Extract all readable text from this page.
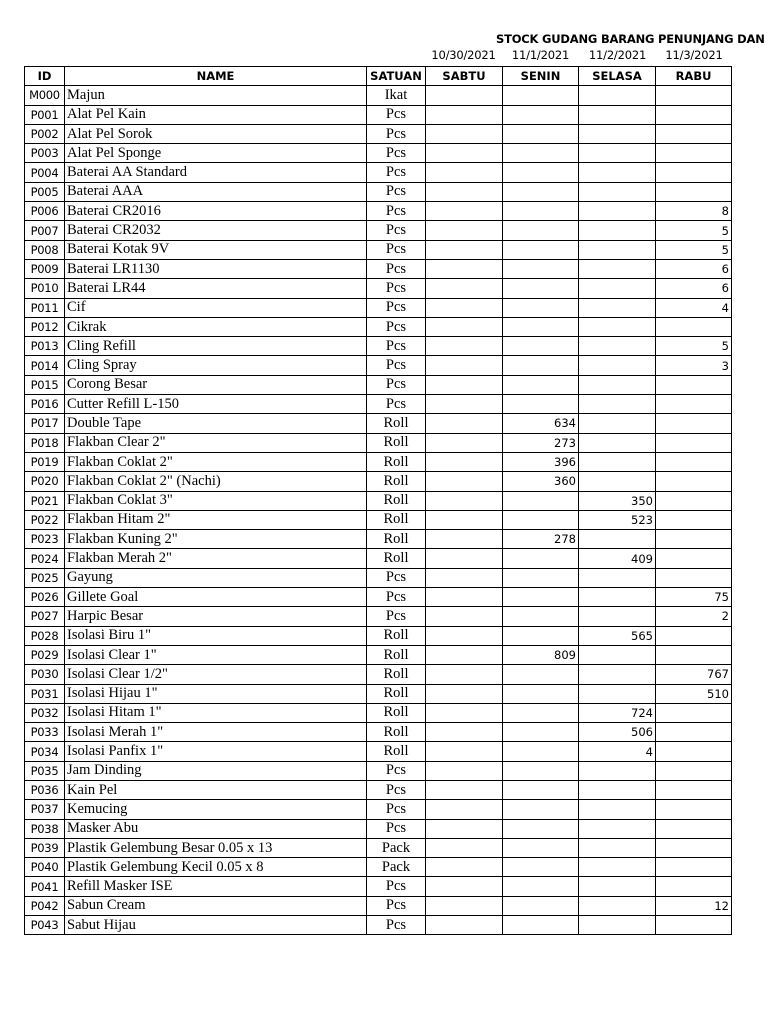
STOCK GUDANG BARANG PENUNJANG DAN
10/30/2021	11/1/2021	11/2/2021	11/3/2021
ID	NAME	SATUAN	SABTU	SENIN	SELASA	RABU
M000	Majun	Ikat				
P001	Alat Pel Kain	Pcs				
P002	Alat Pel Sorok	Pcs				
P003	Alat Pel Sponge	Pcs				
P004	Baterai AA Standard	Pcs				
P005	Baterai AAA	Pcs				
P006	Baterai CR2016	Pcs				8
P007	Baterai CR2032	Pcs				5
P008	Baterai Kotak 9V	Pcs				5
P009	Baterai LR1130	Pcs				6
P010	Baterai LR44	Pcs				6
P011	Cif	Pcs				4
P012	Cikrak	Pcs				
P013	Cling Refill	Pcs				5
P014	Cling Spray	Pcs				3
P015	Corong Besar	Pcs				
P016	Cutter Refill L-150	Pcs				
P017	Double Tape	Roll		634		
P018	Flakban Clear 2"	Roll		273		
P019	Flakban Coklat 2"	Roll		396		
P020	Flakban Coklat 2" (Nachi)	Roll		360		
P021	Flakban Coklat 3"	Roll			350	
P022	Flakban Hitam 2"	Roll			523	
P023	Flakban Kuning 2"	Roll		278		
P024	Flakban Merah 2"	Roll			409	
P025	Gayung	Pcs				
P026	Gillete Goal	Pcs				75
P027	Harpic Besar	Pcs				2
P028	Isolasi Biru 1"	Roll			565	
P029	Isolasi Clear 1"	Roll		809		
P030	Isolasi Clear 1/2"	Roll				767
P031	Isolasi Hijau 1"	Roll				510
P032	Isolasi Hitam 1"	Roll			724	
P033	Isolasi Merah 1"	Roll			506	
P034	Isolasi Panfix 1"	Roll			4	
P035	Jam Dinding	Pcs				
P036	Kain Pel	Pcs				
P037	Kemucing	Pcs				
P038	Masker Abu	Pcs				
P039	Plastik Gelembung Besar 0.05 x 13	Pack				
P040	Plastik Gelembung Kecil 0.05 x 8	Pack				
P041	Refill Masker ISE	Pcs				
P042	Sabun Cream	Pcs				12
P043	Sabut Hijau	Pcs				
